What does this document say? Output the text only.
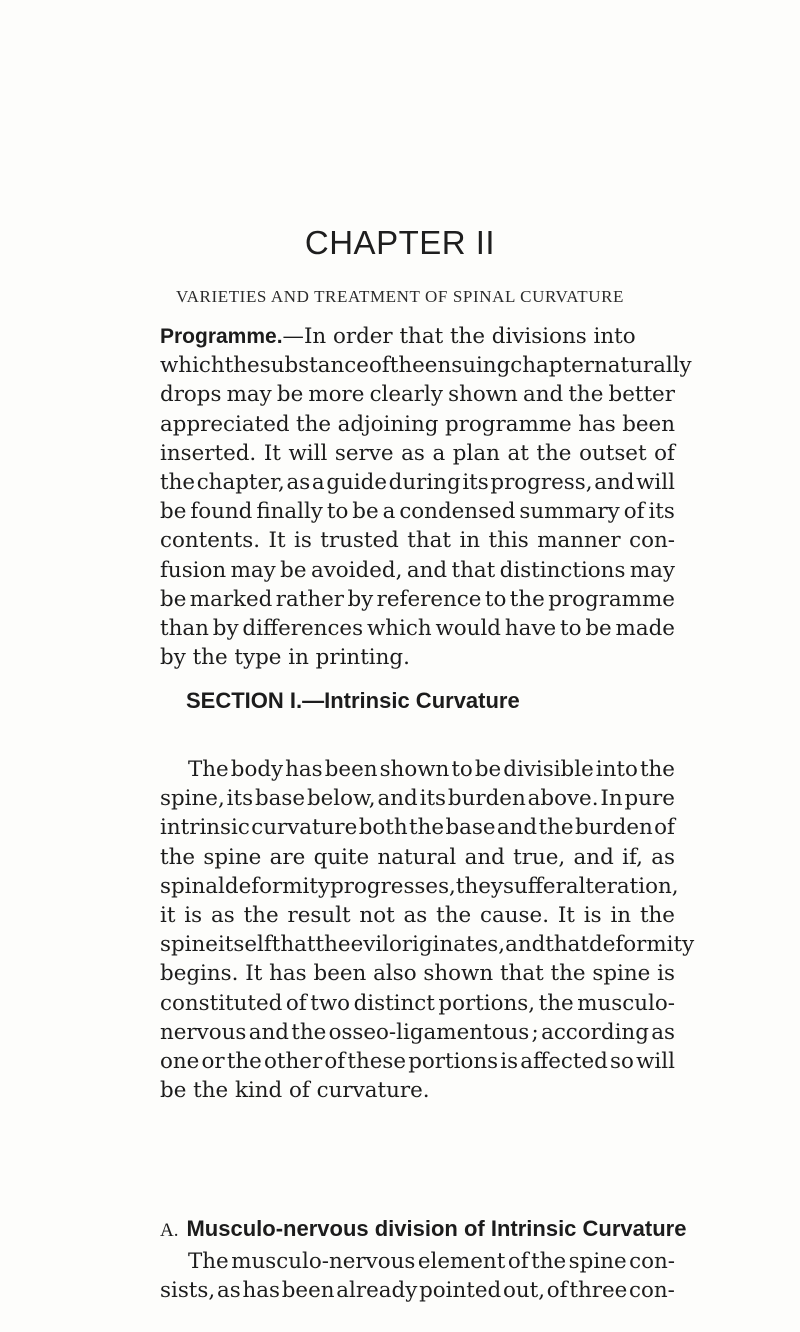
CHAPTER II
VARIETIES AND TREATMENT OF SPINAL CURVATURE
Programme. —In order that the divisions into
which the substance of the ensuing chapter naturally
drops may be more clearly shown and the better
appreciated the adjoining programme has been
inserted. It will serve as a plan at the outset of
the chapter, as a guide during its progress, and will
be found finally to be a condensed summary of its
contents. It is trusted that in this manner con-
fusion may be avoided, and that distinctions may
be marked rather by reference to the programme
than by differences which would have to be made
by the type in printing.
SECTION I.—Intrinsic Curvature
The body has been shown to be divisible into the
spine, its base below, and its burden above. In pure
intrinsic curvature both the base and the burden of
the spine are quite natural and true, and if, as
spinal deformity progresses, they suffer alteration,
it is as the result not as the cause. It is in the
spine itself that the evil originates, and that deformity
begins. It has been also shown that the spine is
constituted of two distinct portions, the musculo-
nervous and the osseo-ligamentous ; according as
one or the other of these portions is affected so will
be the kind of curvature.
A. Musculo-nervous division of Intrinsic Curvature
The musculo-nervous element of the spine con-
sists, as has been already pointed out, of three con-
